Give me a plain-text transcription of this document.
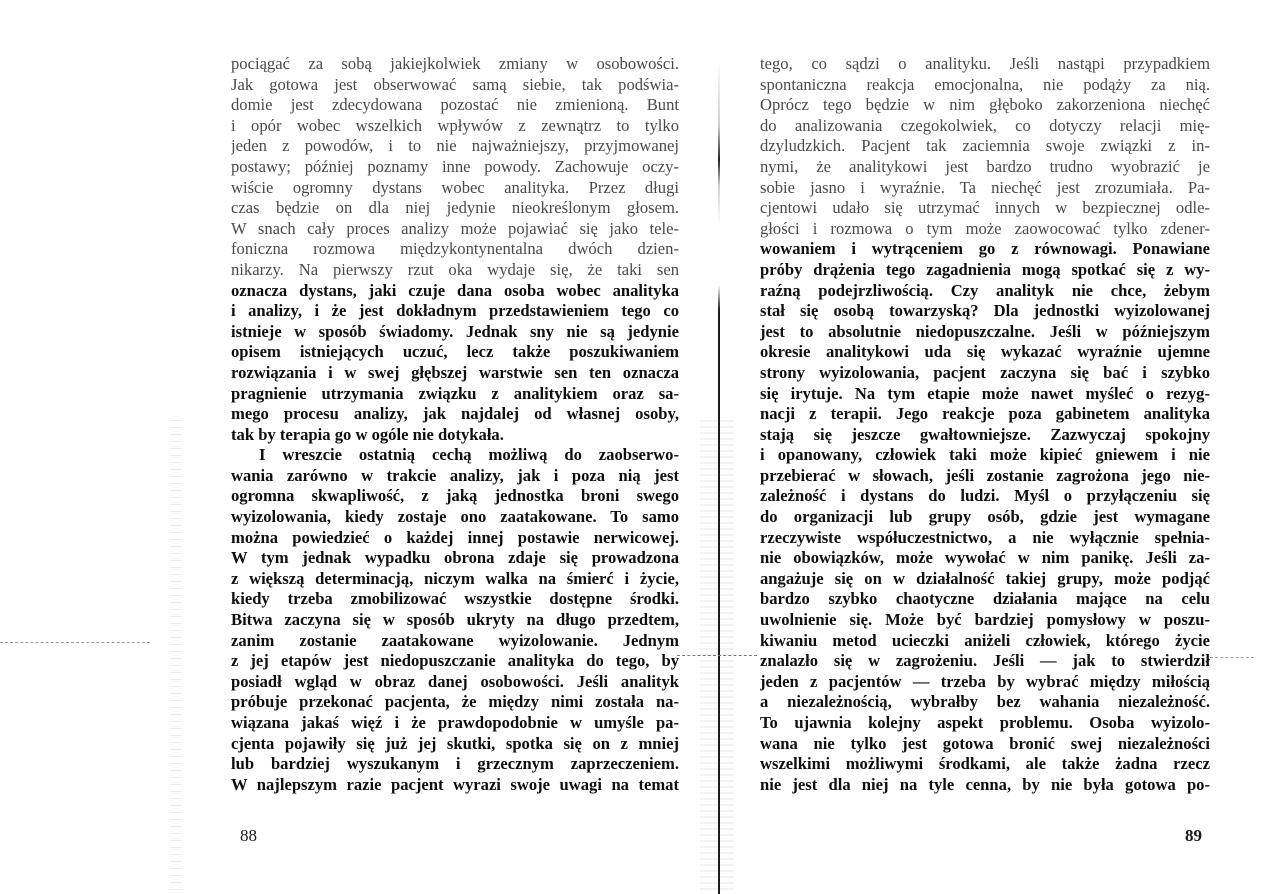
pociągać za sobą jakiejkolwiek zmiany w osobowości.
Jak gotowa jest obserwować samą siebie, tak podświa-
domie jest zdecydowana pozostać nie zmienioną. Bunt
i opór wobec wszelkich wpływów z zewnątrz to tylko
jeden z powodów, i to nie najważniejszy, przyjmowanej
postawy; później poznamy inne powody. Zachowuje oczy-
wiście ogromny dystans wobec analityka. Przez długi
czas będzie on dla niej jedynie nieokreślonym głosem.
W snach cały proces analizy może pojawiać się jako tele-
foniczna rozmowa międzykontynentalna dwóch dzien-
nikarzy. Na pierwszy rzut oka wydaje się, że taki sen
oznacza dystans, jaki czuje dana osoba wobec analityka
i analizy, i że jest dokładnym przedstawieniem tego co
istnieje w sposób świadomy. Jednak sny nie są jedynie
opisem istniejących uczuć, lecz także poszukiwaniem
rozwiązania i w swej głębszej warstwie sen ten oznacza
pragnienie utrzymania związku z analitykiem oraz sa-
mego procesu analizy, jak najdalej od własnej osoby,
tak by terapia go w ogóle nie dotykała.
I wreszcie ostatnią cechą możliwą do zaobserwo-
wania zarówno w trakcie analizy, jak i poza nią jest
ogromna skwapliwość, z jaką jednostka broni swego
wyizolowania, kiedy zostaje ono zaatakowane. To samo
można powiedzieć o każdej innej postawie nerwicowej.
W tym jednak wypadku obrona zdaje się prowadzona
z większą determinacją, niczym walka na śmierć i życie,
kiedy trzeba zmobilizować wszystkie dostępne środki.
Bitwa zaczyna się w sposób ukryty na długo przedtem,
zanim zostanie zaatakowane wyizolowanie. Jednym
z jej etapów jest niedopuszczanie analityka do tego, by
posiadł wgląd w obraz danej osobowości. Jeśli analityk
próbuje przekonać pacjenta, że między nimi została na-
wiązana jakaś więź i że prawdopodobnie w umyśle pa-
cjenta pojawiły się już jej skutki, spotka się on z mniej
lub bardziej wyszukanym i grzecznym zaprzeczeniem.
W najlepszym razie pacjent wyrazi swoje uwagi na temat
tego, co sądzi o analityku. Jeśli nastąpi przypadkiem
spontaniczna reakcja emocjonalna, nie podąży za nią.
Oprócz tego będzie w nim głęboko zakorzeniona niechęć
do analizowania czegokolwiek, co dotyczy relacji mię-
dzyludzkich. Pacjent tak zaciemnia swoje związki z in-
nymi, że analitykowi jest bardzo trudno wyobrazić je
sobie jasno i wyraźnie. Ta niechęć jest zrozumiała. Pa-
cjentowi udało się utrzymać innych w bezpiecznej odle-
głości i rozmowa o tym może zaowocować tylko zdener-
wowaniem i wytrąceniem go z równowagi. Ponawiane
próby drążenia tego zagadnienia mogą spotkać się z wy-
raźną podejrzliwością. Czy analityk nie chce, żebym
stał się osobą towarzyską? Dla jednostki wyizolowanej
jest to absolutnie niedopuszczalne. Jeśli w późniejszym
okresie analitykowi uda się wykazać wyraźnie ujemne
strony wyizolowania, pacjent zaczyna się bać i szybko
się irytuje. Na tym etapie może nawet myśleć o rezyg-
nacji z terapii. Jego reakcje poza gabinetem analityka
stają się jeszcze gwałtowniejsze. Zazwyczaj spokojny
i opanowany, człowiek taki może kipieć gniewem i nie
przebierać w słowach, jeśli zostanie zagrożona jego nie-
zależność i dystans do ludzi. Myśl o przyłączeniu się
do organizacji lub grupy osób, gdzie jest wymagane
rzeczywiste współuczestnictwo, a nie wyłącznie spełnia-
nie obowiązków, może wywołać w nim panikę. Jeśli za-
angażuje się on w działalność takiej grupy, może podjąć
bardzo szybko chaotyczne działania mające na celu
uwolnienie się. Może być bardziej pomysłowy w poszu-
kiwaniu metod ucieczki aniżeli człowiek, którego życie
znalazło się w zagrożeniu. Jeśli — jak to stwierdził
jeden z pacjentów — trzeba by wybrać między miłością
a niezależnością, wybrałby bez wahania niezależność.
To ujawnia kolejny aspekt problemu. Osoba wyizolo-
wana nie tylko jest gotowa bronić swej niezależności
wszelkimi możliwymi środkami, ale także żadna rzecz
nie jest dla niej na tyle cenna, by nie była gotowa po-
88	89
